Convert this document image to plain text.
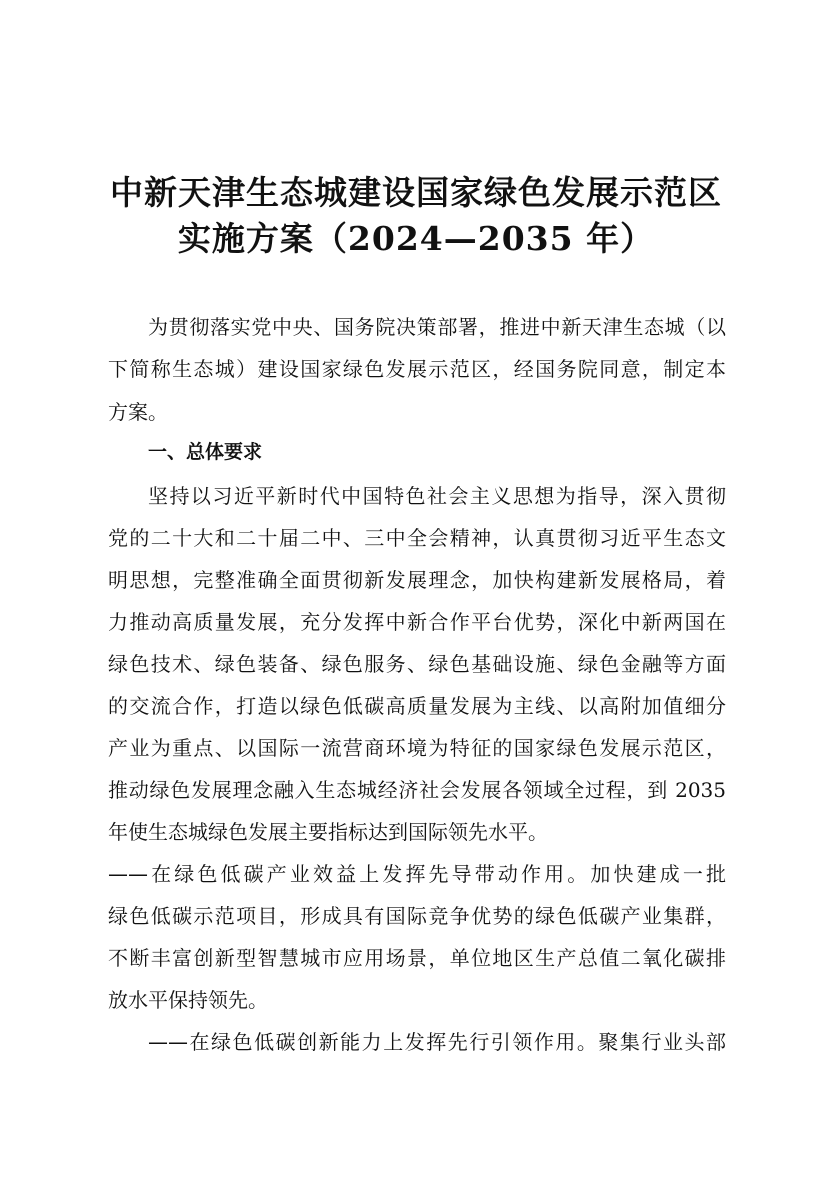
中新天津生态城建设国家绿色发展示范区
实施方案（2024—2035 年）
为贯彻落实党中央、国务院决策部署，推进中新天津生态城（以
下简称生态城）建设国家绿色发展示范区，经国务院同意，制定本
方案。
一、总体要求
坚持以习近平新时代中国特色社会主义思想为指导，深入贯彻
党的二十大和二十届二中、三中全会精神，认真贯彻习近平生态文
明思想，完整准确全面贯彻新发展理念，加快构建新发展格局，着
力推动高质量发展，充分发挥中新合作平台优势，深化中新两国在
绿色技术、绿色装备、绿色服务、绿色基础设施、绿色金融等方面
的交流合作，打造以绿色低碳高质量发展为主线、以高附加值细分
产业为重点、以国际一流营商环境为特征的国家绿色发展示范区，
推动绿色发展理念融入生态城经济社会发展各领域全过程，到 2035
年使生态城绿色发展主要指标达到国际领先水平。
——在绿色低碳产业效益上发挥先导带动作用。加快建成一批
绿色低碳示范项目，形成具有国际竞争优势的绿色低碳产业集群，
不断丰富创新型智慧城市应用场景，单位地区生产总值二氧化碳排
放水平保持领先。
——在绿色低碳创新能力上发挥先行引领作用。聚集行业头部
